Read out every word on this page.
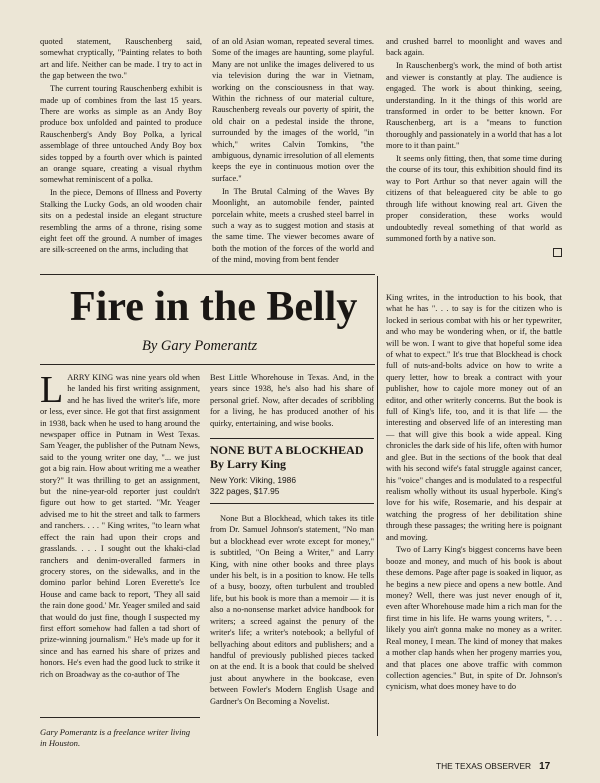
quoted statement, Rauschenberg said, somewhat cryptically, "Painting relates to both art and life. Neither can be made. I try to act in the gap between the two."

The current touring Rauschenberg exhibit is made up of combines from the last 15 years. There are works as simple as an Andy Boy produce box unfolded and painted to produce Rauschenberg's Andy Boy Polka, a lyrical assemblage of three untouched Andy Boy box sides topped by a fourth over which is painted an orange square, creating a visual rhythm somewhat reminiscent of a polka.

In the piece, Demons of Illness and Poverty Stalking the Lucky Gods, an old wooden chair sits on a pedestal inside an elegant structure resembling the arms of a throne, rising some eight feet off the ground. A number of images are silk-screened on the arms, including that

of an old Asian woman, repeated several times. Some of the images are haunting, some playful. Many are not unlike the images delivered to us via television during the war in Vietnam, working on the consciousness in that way. Within the richness of our material culture, Rauschenberg reveals our poverty of spirit, the old chair on a pedestal inside the throne, surrounded by the images of the world, "in which," writes Calvin Tomkins, "the ambiguous, dynamic irresolution of all elements keeps the eye in continuous motion over the surface."

In The Brutal Calming of the Waves By Moonlight, an automobile fender, painted porcelain white, meets a crushed steel barrel in such a way as to suggest motion and stasis at the same time. The viewer becomes aware of both the motion of the forces of the world and of the mind, moving from bent fender

and crushed barrel to moonlight and waves and back again.

In Rauschenberg's work, the mind of both artist and viewer is constantly at play. The audience is engaged. The work is about thinking, seeing, understanding. In it the things of this world are transformed in order to be better known. For Rauschenberg, art is a "means to function thoroughly and passionately in a world that has a lot more to it than paint."

It seems only fitting, then, that some time during the course of its tour, this exhibition should find its way to Port Arthur so that never again will the citizens of that beleaguered city be able to go through life without knowing real art. Given the proper consideration, these works would undoubtedly reveal something of that world as summoned forth by a native son.

Fire in the Belly
By Gary Pomerantz

LARRY KING was nine years old when he landed his first writing assignment, and he has lived the writer's life, more or less, ever since. He got that first assignment in 1938, back when he used to hang around the newspaper office in Putnam in West Texas. Sam Yeager, the publisher of the Putnam News, said to the young writer one day, "... we just got a big rain. How about writing me a weather story?" It was thrilling to get an assignment, but the nine-year-old reporter just couldn't figure out how to get started. "Mr. Yeager advised me to hit the street and talk to farmers and ranchers. . . . " King writes, "to learn what effect the rain had upon their crops and grasslands. . . . I sought out the khaki-clad ranchers and denim-overalled farmers in grocery stores, on the sidewalks, and in the domino parlor behind Loren Everette's Ice House and came back to report, 'They all said the rain done good.' Mr. Yeager smiled and said that would do just fine, though I suspected my first effort somehow had fallen a tad short of prize-winning journalism." He's made up for it since and has earned his share of prizes and honors. He's even had the good luck to strike it rich on Broadway as the co-author of The

Best Little Whorehouse in Texas. And, in the years since 1938, he's also had his share of personal grief. Now, after decades of scribbling for a living, he has produced another of his quirky, entertaining, and wise books.

NONE BUT A BLOCKHEAD
By Larry King
New York: Viking, 1986
322 pages, $17.95

None But a Blockhead, which takes its title from Dr. Samuel Johnson's statement, "No man but a blockhead ever wrote except for money," is subtitled, "On Being a Writer," and Larry King, with nine other books and three plays under his belt, is in a position to know. He tells of a busy, boozy, often turbulent and troubled life, but his book is more than a memoir — it is also a no-nonsense market advice handbook for writers; a screed against the penury of the writer's life; a writer's notebook; a bellyful of bellyaching about editors and publishers; and a handful of previously published pieces tacked on at the end. It is a book that could be shelved just about anywhere in the bookcase, even between Fowler's Modern English Usage and Gardner's On Becoming a Novelist.

King writes, in the introduction to his book, that what he has ". . . to say is for the citizen who is locked in serious combat with his or her typewriter, and who may be wondering when, or if, the battle will be won. I want to give that hopeful some idea of what to expect." It's true that Blockhead is chock full of nuts-and-bolts advice on how to write a query letter, how to break a contract with your publisher, how to cajole more money out of an editor, and other writerly concerns. But the book is full of King's life, too, and it is that life — the interesting and observed life of an interesting man — that will give this book a wide appeal. King chronicles the dark side of his life, often with humor and glee. But in the sections of the book that deal with his second wife's fatal struggle against cancer, his "voice" changes and is modulated to a respectful realism wholly without its usual hyperbole. King's love for his wife, Rosemarie, and his despair at watching the progress of her debilitation shine through these passages; the writing here is poignant and moving.

Two of Larry King's biggest concerns have been booze and money, and much of his book is about these demons. Page after page is soaked in liquor, as he begins a new piece and opens a new bottle. And money? Well, there was just never enough of it, even after Whorehouse made him a rich man for the first time in his life. He warns young writers, ". . . likely you ain't gonna make no money as a writer. Real money, I mean. The kind of money that makes a mother clap hands when her progeny marries you, and that places one above traffic with common collection agencies." But, in spite of Dr. Johnson's cynicism, what does money have to do

Gary Pomerantz is a freelance writer living in Houston.
THE TEXAS OBSERVER 17
